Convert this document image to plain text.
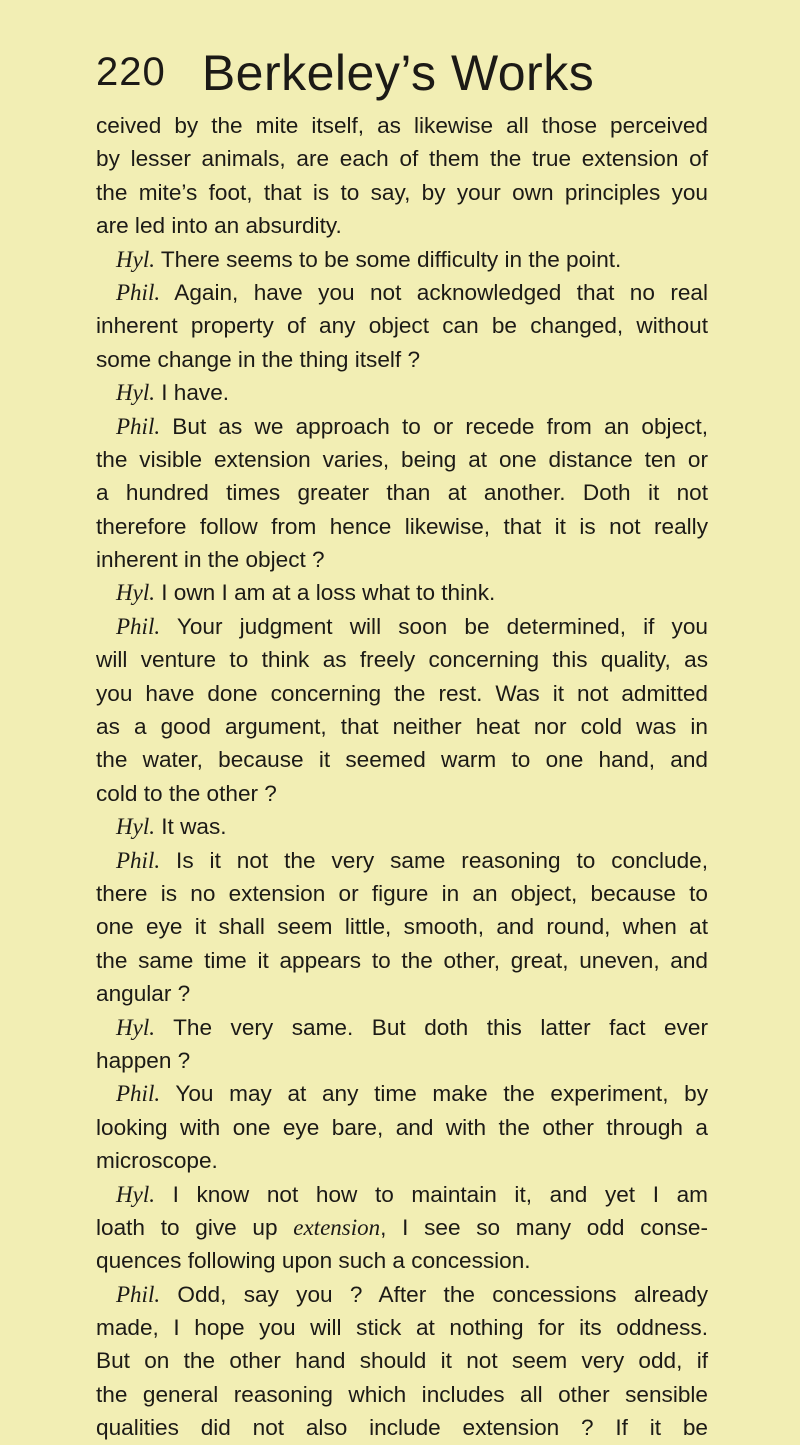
220 Berkeley’s Works
ceived by the mite itself, as likewise all those perceived
by lesser animals, are each of them the true extension of
the mite’s foot, that is to say, by your own principles you
are led into an absurdity.
Hyl. There seems to be some difficulty in the point.
Phil. Again, have you not acknowledged that no real
inherent property of any object can be changed, without
some change in the thing itself ?
Hyl. I have.
Phil. But as we approach to or recede from an object,
the visible extension varies, being at one distance ten or
a hundred times greater than at another. Doth it not
therefore follow from hence likewise, that it is not really
inherent in the object ?
Hyl. I own I am at a loss what to think.
Phil. Your judgment will soon be determined, if you
will venture to think as freely concerning this quality, as
you have done concerning the rest. Was it not admitted
as a good argument, that neither heat nor cold was in
the water, because it seemed warm to one hand, and
cold to the other ?
Hyl. It was.
Phil. Is it not the very same reasoning to conclude,
there is no extension or figure in an object, because to
one eye it shall seem little, smooth, and round, when at
the same time it appears to the other, great, uneven, and
angular ?
Hyl. The very same. But doth this latter fact ever
happen ?
Phil. You may at any time make the experiment, by
looking with one eye bare, and with the other through a
microscope.
Hyl. I know not how to maintain it, and yet I am
loath to give up extension, I see so many odd conse-
quences following upon such a concession.
Phil. Odd, say you ? After the concessions already
made, I hope you will stick at nothing for its oddness.
But on the other hand should it not seem very odd, if
the general reasoning which includes all other sensible
qualities did not also include extension ? If it be
